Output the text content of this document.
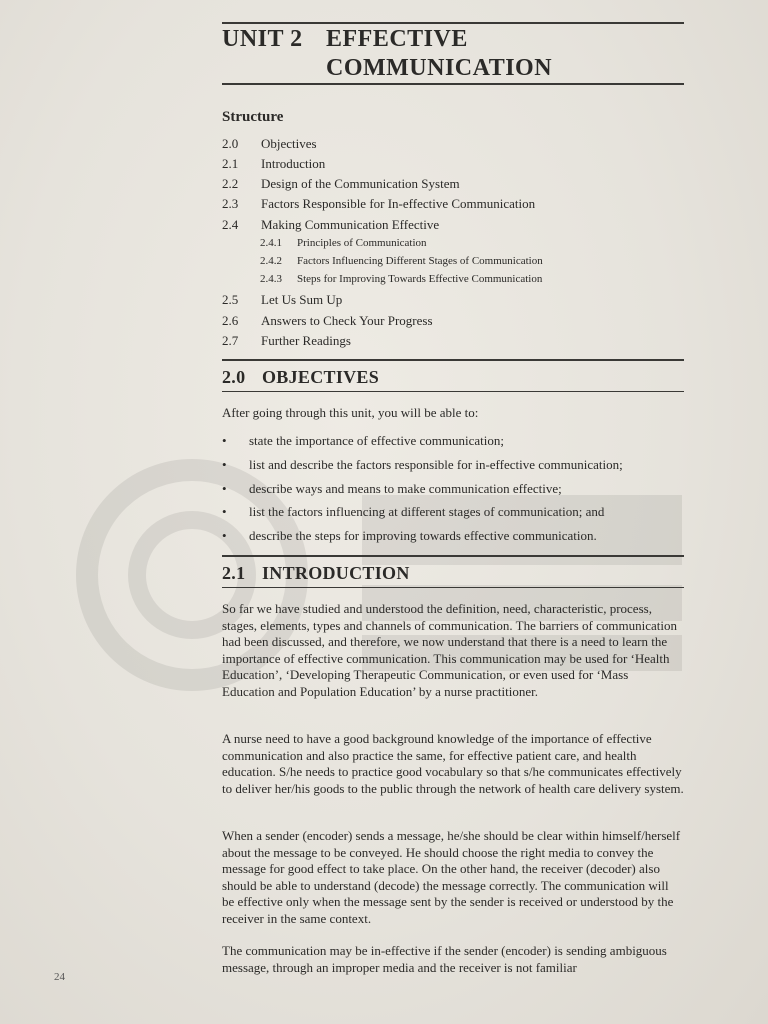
UNIT 2 EFFECTIVE
COMMUNICATION
Structure
2.0 Objectives
2.1 Introduction
2.2 Design of the Communication System
2.3 Factors Responsible for In-effective Communication
2.4 Making Communication Effective
2.4.1 Principles of Communication
2.4.2 Factors Influencing Different Stages of Communication
2.4.3 Steps for Improving Towards Effective Communication
2.5 Let Us Sum Up
2.6 Answers to Check Your Progress
2.7 Further Readings
2.0 OBJECTIVES
After going through this unit, you will be able to:
• state the importance of effective communication;
• list and describe the factors responsible for in-effective communication;
• describe ways and means to make communication effective;
• list the factors influencing at different stages of communication; and
• describe the steps for improving towards effective communication.
2.1 INTRODUCTION
So far we have studied and understood the definition, need, characteristic, process, stages, elements, types and channels of communication. The barriers of communication had been discussed, and therefore, we now understand that there is a need to learn the importance of effective communication. This communication may be used for ‘Health Education’, ‘Developing Therapeutic Communication, or even used for ‘Mass Education and Population Education’ by a nurse practitioner.
A nurse need to have a good background knowledge of the importance of effective communication and also practice the same, for effective patient care, and health education. S/he needs to practice good vocabulary so that s/he communicates effectively to deliver her/his goods to the public through the network of health care delivery system.
When a sender (encoder) sends a message, he/she should be clear within himself/herself about the message to be conveyed. He should choose the right media to convey the message for good effect to take place. On the other hand, the receiver (decoder) also should be able to understand (decode) the message correctly. The communication will be effective only when the message sent by the sender is received or understood by the receiver in the same context.
The communication may be in-effective if the sender (encoder) is sending ambiguous message, through an improper media and the receiver is not familiar
24
